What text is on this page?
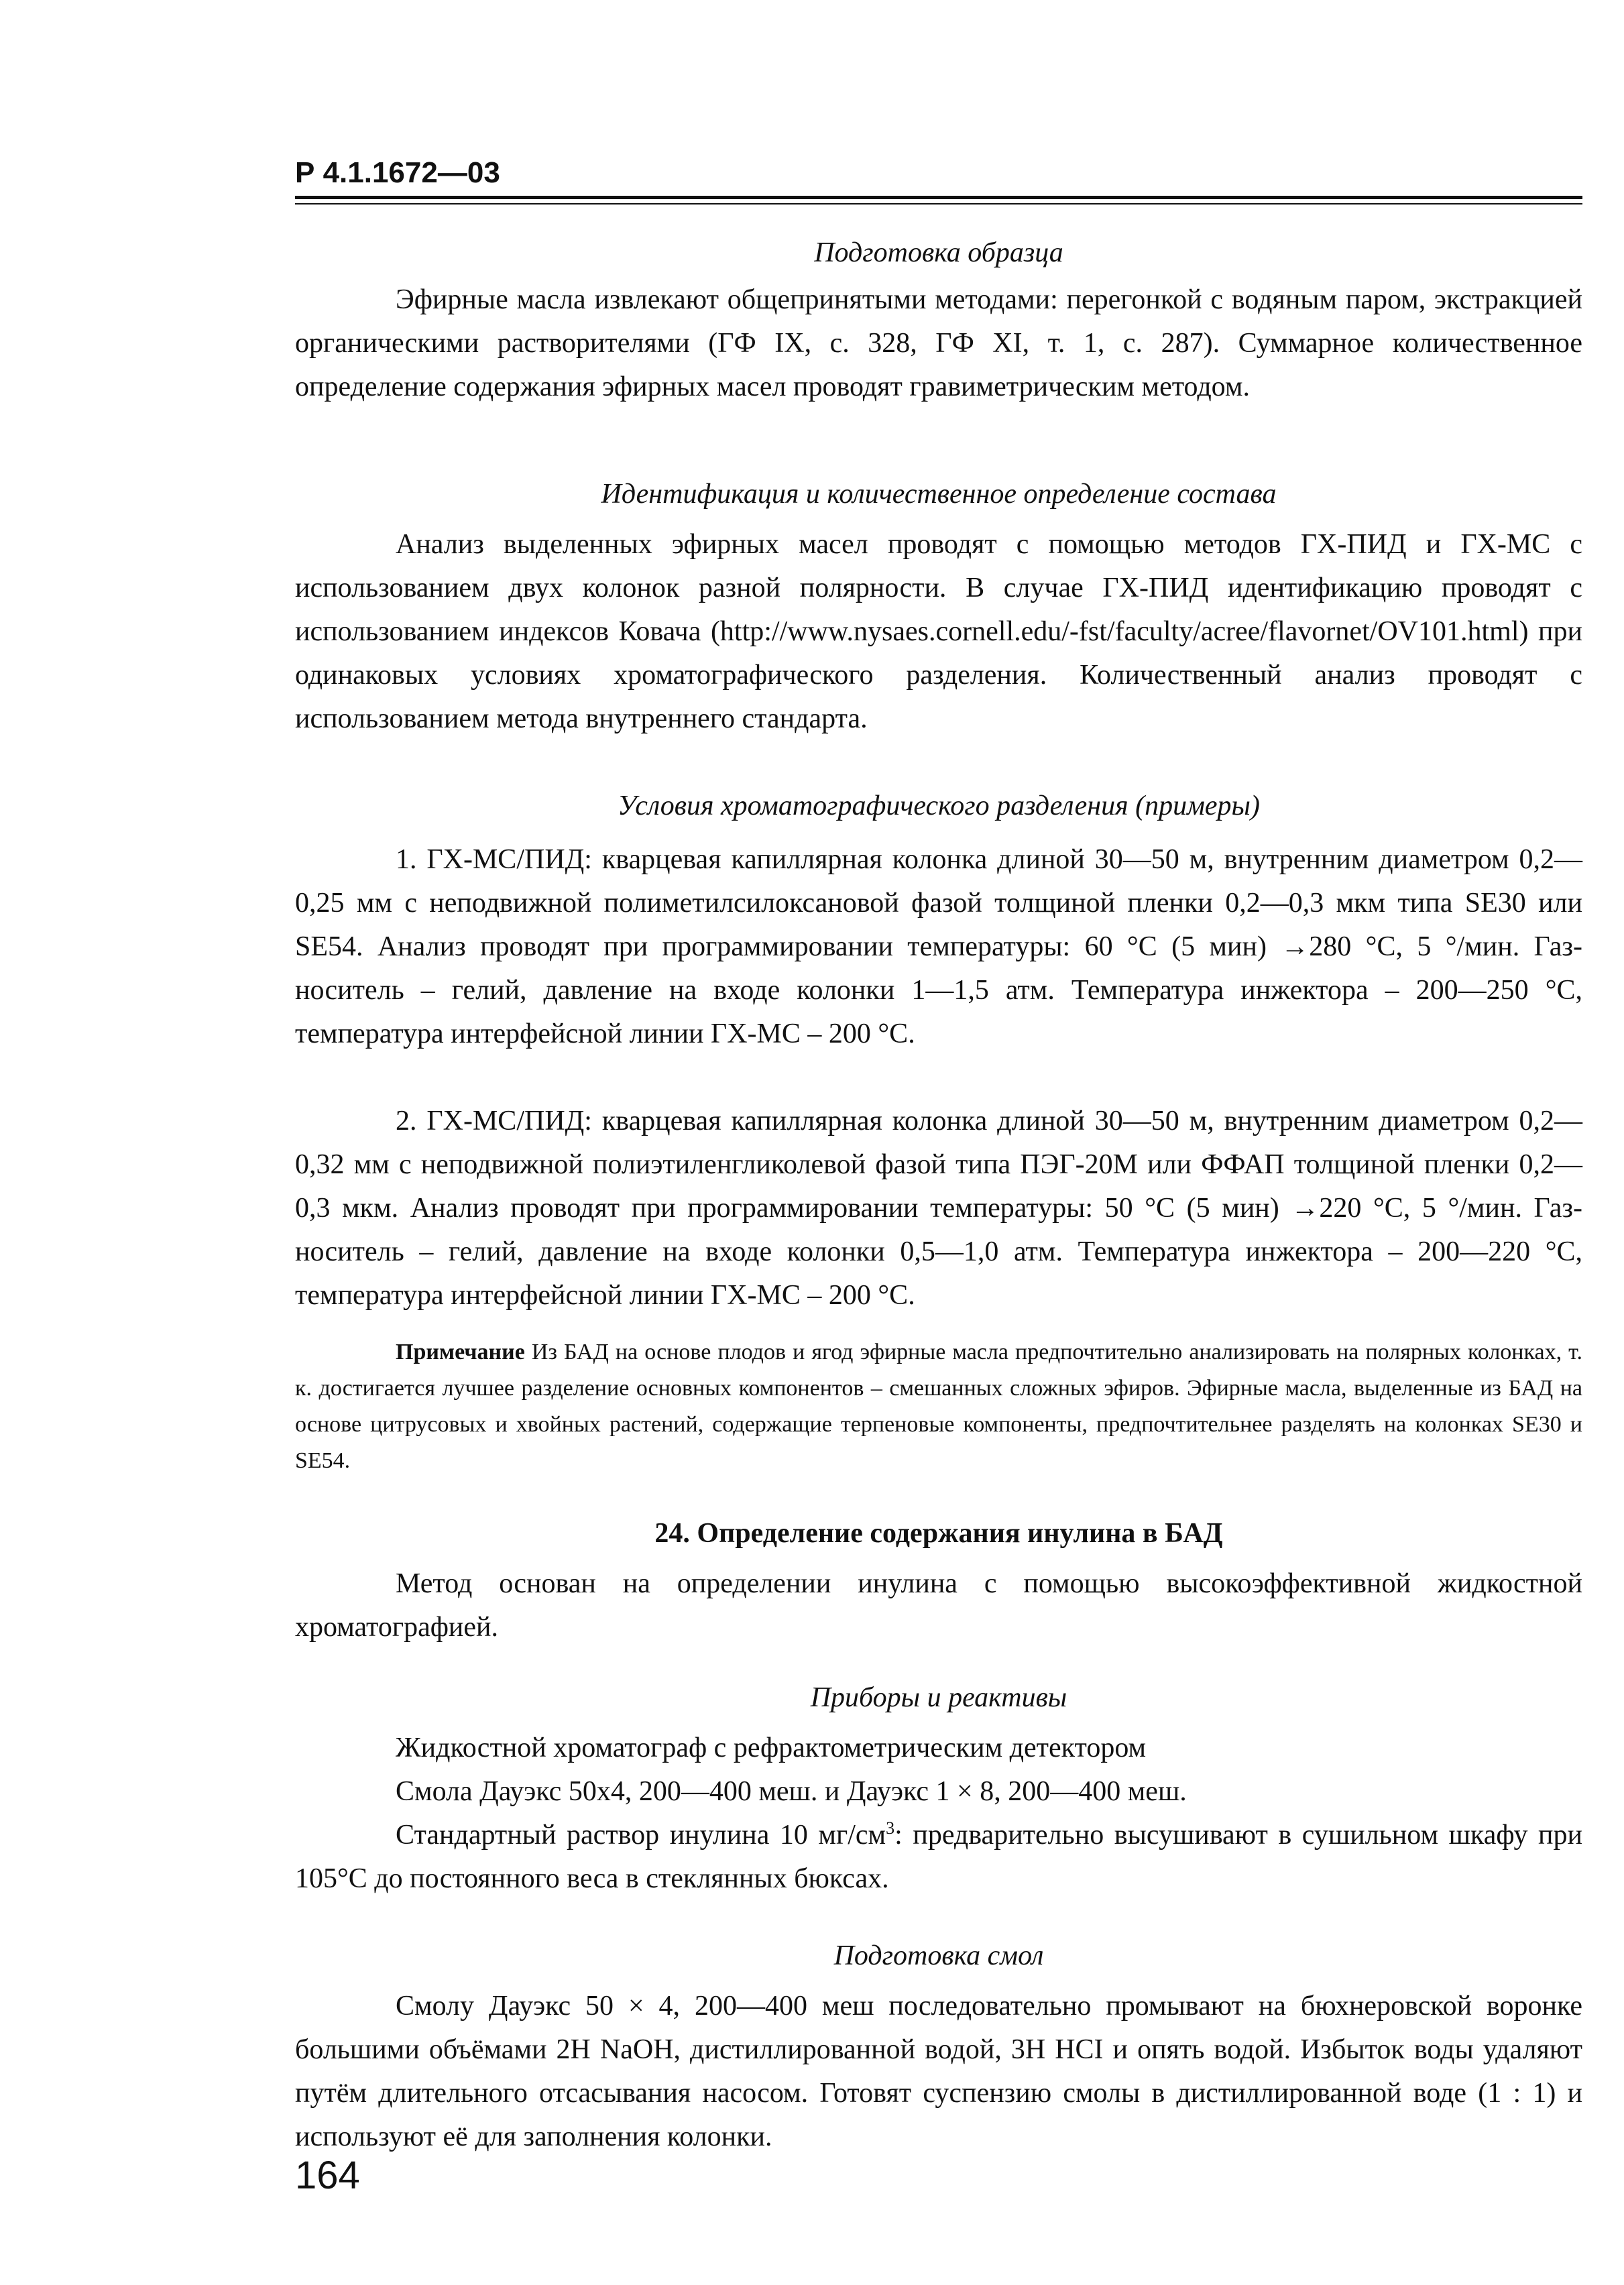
Р 4.1.1672—03

Подготовка образца

Эфирные масла извлекают общепринятыми методами: перегонкой с водяным паром, экстракцией органическими растворителями (ГФ IX, с. 328, ГФ XI, т. 1, с. 287). Суммарное количественное определение содержания эфирных масел проводят гравиметрическим методом.

Идентификация и количественное определение состава

Анализ выделенных эфирных масел проводят с помощью методов ГХ-ПИД и ГХ-МС с использованием двух колонок разной полярности. В случае ГХ-ПИД идентификацию проводят с использованием индексов Ковача (http://www.nysaes.cornell.edu/-fst/faculty/acree/flavornet/OV101.html) при одинаковых условиях хроматографического разделения. Количественный анализ проводят с использованием метода внутреннего стандарта.

Условия хроматографического разделения (примеры)

1. ГХ-МС/ПИД: кварцевая капиллярная колонка длиной 30—50 м, внутренним диаметром 0,2—0,25 мм с неподвижной полиметилсилоксановой фазой толщиной пленки 0,2—0,3 мкм типа SE30 или SE54. Анализ проводят при программировании температуры: 60 °C (5 мин) →280 °C, 5 °/мин. Газ-носитель – гелий, давление на входе колонки 1—1,5 атм. Температура инжектора – 200—250 °C, температура интерфейсной линии ГХ-МС – 200 °C.

2. ГХ-МС/ПИД: кварцевая капиллярная колонка длиной 30—50 м, внутренним диаметром 0,2—0,32 мм с неподвижной полиэтиленгликолевой фазой типа ПЭГ-20М или ФФАП толщиной пленки 0,2—0,3 мкм. Анализ проводят при программировании температуры: 50 °C (5 мин) →220 °C, 5 °/мин. Газ-носитель – гелий, давление на входе колонки 0,5—1,0 атм. Температура инжектора – 200—220 °C, температура интерфейсной линии ГХ-МС – 200 °C.

Примечание Из БАД на основе плодов и ягод эфирные масла предпочтительно анализировать на полярных колонках, т. к. достигается лучшее разделение основных компонентов – смешанных сложных эфиров. Эфирные масла, выделенные из БАД на основе цитрусовых и хвойных растений, содержащие терпеновые компоненты, предпочтительнее разделять на колонках SE30 и SE54.

24. Определение содержания инулина в БАД

Метод основан на определении инулина с помощью высокоэффективной жидкостной хроматографией.

Приборы и реактивы

Жидкостной хроматограф с рефрактометрическим детектором

Смола Дауэкс 50x4, 200—400 меш. и Дауэкс 1 × 8, 200—400 меш.

Стандартный раствор инулина 10 $мг/см^3$: предварительно высушивают в сушильном шкафу при 105°С до постоянного веса в стеклянных бюксах.

Подготовка смол

Смолу Дауэкс 50 × 4, 200—400 меш последовательно промывают на бюхнеровской воронке большими объёмами 2Н NaOH, дистиллированной водой, 3Н HCI и опять водой. Избыток воды удаляют путём длительного отсасывания насосом. Готовят суспензию смолы в дистиллированной воде (1 : 1) и используют её для заполнения колонки.

164
